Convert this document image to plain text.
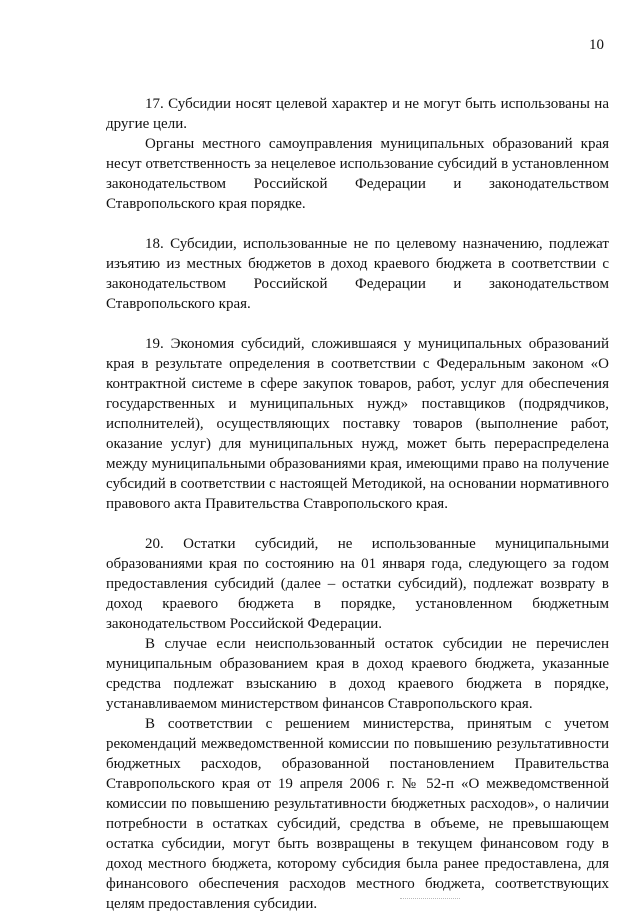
10

17. Субсидии носят целевой характер и не могут быть использованы на другие цели.

Органы местного самоуправления муниципальных образований края несут ответственность за нецелевое использование субсидий в установленном законодательством Российской Федерации и законодательством Ставропольского края порядке.

18. Субсидии, использованные не по целевому назначению, подлежат изъятию из местных бюджетов в доход краевого бюджета в соответствии с законодательством Российской Федерации и законодательством Ставропольского края.

19. Экономия субсидий, сложившаяся у муниципальных образований края в результате определения в соответствии с Федеральным законом «О контрактной системе в сфере закупок товаров, работ, услуг для обеспечения государственных и муниципальных нужд» поставщиков (подрядчиков, исполнителей), осуществляющих поставку товаров (выполнение работ, оказание услуг) для муниципальных нужд, может быть перераспределена между муниципальными образованиями края, имеющими право на получение субсидий в соответствии с настоящей Методикой, на основании нормативного правового акта Правительства Ставропольского края.

20. Остатки субсидий, не использованные муниципальными образованиями края по состоянию на 01 января года, следующего за годом предоставления субсидий (далее – остатки субсидий), подлежат возврату в доход краевого бюджета в порядке, установленном бюджетным законодательством Российской Федерации.

В случае если неиспользованный остаток субсидии не перечислен муниципальным образованием края в доход краевого бюджета, указанные средства подлежат взысканию в доход краевого бюджета в порядке, устанавливаемом министерством финансов Ставропольского края.

В соответствии с решением министерства, принятым с учетом рекомендаций межведомственной комиссии по повышению результативности бюджетных расходов, образованной постановлением Правительства Ставропольского края от 19 апреля 2006 г. № 52-п «О межведомственной комиссии по повышению результативности бюджетных расходов», о наличии потребности в остатках субсидий, средства в объеме, не превышающем остатка субсидии, могут быть возвращены в текущем финансовом году в доход местного бюджета, которому субсидия была ранее предоставлена, для финансового обеспечения расходов местного бюджета, соответствующих целям предоставления субсидии.
